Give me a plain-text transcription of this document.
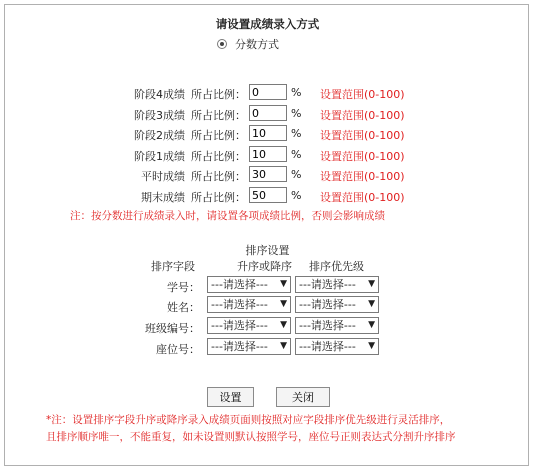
请设置成绩录入方式
分数方式
阶段4成绩 所占比例：
0	% 设置范围(0-100)
阶段3成绩 所占比例：
0	% 设置范围(0-100)
阶段2成绩 所占比例：
10	% 设置范围(0-100)
阶段1成绩 所占比例：
10	% 设置范围(0-100)
平时成绩 所占比例：
30	% 设置范围(0-100)
期末成绩 所占比例：
50	% 设置范围(0-100)
注：按分数进行成绩录入时，请设置各项成绩比例，否则会影响成绩
排序设置
排序字段	升序或降序 排序优先级
学号：	---请选择--- ▼	---请选择--- ▼
姓名：	---请选择--- ▼	---请选择--- ▼
班级编号：	---请选择--- ▼	---请选择--- ▼
座位号：	---请选择--- ▼	---请选择--- ▼
设置	关闭
*注：设置排序字段升序或降序录入成绩页面则按照对应字段排序优先级进行灵活排序，
且排序顺序唯一，不能重复，如未设置则默认按照学号，座位号正则表达式分割升序排序
